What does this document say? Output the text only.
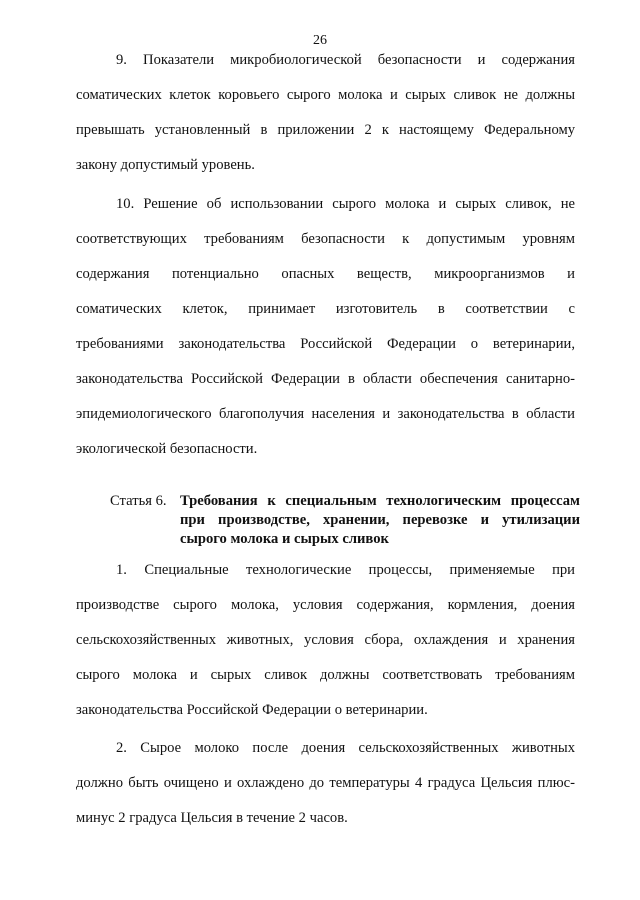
26
9. Показатели микробиологической безопасности и содержания
соматических клеток коровьего сырого молока и сырых сливок не должны
превышать установленный в приложении 2 к настоящему Федеральному
закону допустимый уровень.
10. Решение об использовании сырого молока и сырых сливок, не
соответствующих требованиям безопасности к допустимым уровням
содержания потенциально опасных веществ, микроорганизмов и
соматических клеток, принимает изготовитель в соответствии с
требованиями законодательства Российской Федерации о ветеринарии,
законодательства Российской Федерации в области обеспечения санитарно-
эпидемиологического благополучия населения и законодательства в области
экологической безопасности.
Статья 6. Требования к специальным технологическим процессам
при производстве, хранении, перевозке и утилизации
сырого молока и сырых сливок
1. Специальные технологические процессы, применяемые при
производстве сырого молока, условия содержания, кормления, доения
сельскохозяйственных животных, условия сбора, охлаждения и хранения
сырого молока и сырых сливок должны соответствовать требованиям
законодательства Российской Федерации о ветеринарии.
2. Сырое молоко после доения сельскохозяйственных животных
должно быть очищено и охлаждено до температуры 4 градуса Цельсия плюс-
минус 2 градуса Цельсия в течение 2 часов.
